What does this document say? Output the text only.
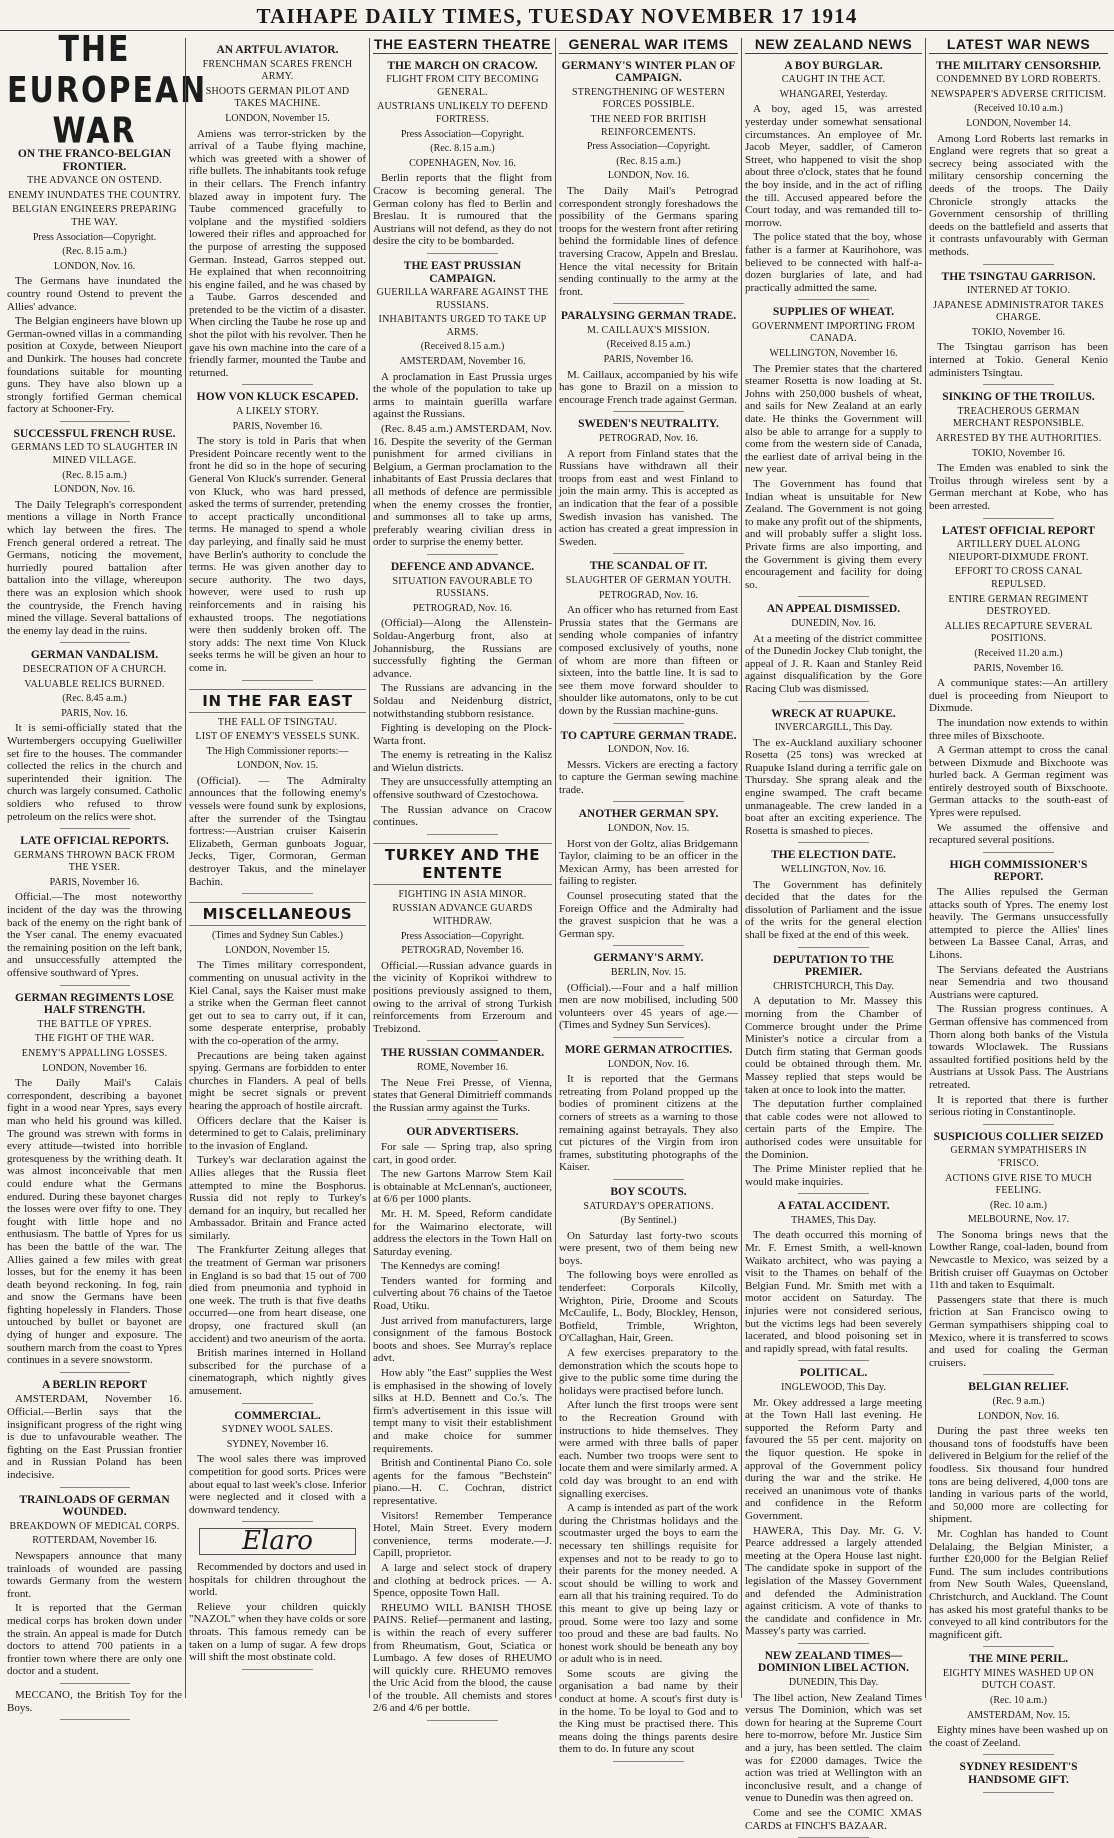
TAIHAPE DAILY TIMES, TUESDAY NOVEMBER 17 1914
THE EUROPEAN WAR
ON THE FRANCO-BELGIAN FRONTIER.
THE ADVANCE ON OSTEND.
ENEMY INUNDATES THE COUNTRY.
BELGIAN ENGINEERS PREPARING THE WAY.
Press Association—Copyright.
(Rec. 8.15 a.m.)
LONDON, Nov. 16.

The Germans have inundated the country round Ostend to prevent the Allies' advance.

The Belgian engineers have blown up German-owned villas in a commanding position at Coxyde, between Nieuport and Dunkirk. The houses had concrete foundations suitable for mounting guns. They have also blown up a strongly fortified German chemical factory at Schooner-Fry.

SUCCESSFUL FRENCH RUSE.
GERMANS LED TO SLAUGHTER IN MINED VILLAGE.
(Rec. 8.15 a.m.)
LONDON, Nov. 16.

The Daily Telegraph's correspondent mentions a village in North France which lay between the fires. The French general ordered a retreat. The Germans, noticing the movement, hurriedly poured battalion after battalion into the village, whereupon there was an explosion which shook the countryside, the French having mined the village. Several battalions of the enemy lay dead in the ruins.

GERMAN VANDALISM.
DESECRATION OF A CHURCH.
VALUABLE RELICS BURNED.
(Rec. 8.45 a.m.)
PARIS, Nov. 16.

It is semi-officially stated that the Wurtembergers occupying Gueliwiller set fire to the houses. The commander collected the relics in the church and superintended their ignition. The church was largely consumed. Catholic soldiers who refused to throw petroleum on the relics were shot.

LATE OFFICIAL REPORTS.
GERMANS THROWN BACK FROM THE YSER.
PARIS, November 16.

Official.—The most noteworthy incident of the day was the throwing back of the enemy on the right bank of the Yser canal. The enemy evacuated the remaining position on the left bank, and unsuccessfully attempted the offensive southward of Ypres.

GERMAN REGIMENTS LOSE HALF STRENGTH.
THE BATTLE OF YPRES.
THE FIGHT OF THE WAR.
ENEMY'S APPALLING LOSSES.
LONDON, November 16.

The Daily Mail's Calais correspondent, describing a bayonet fight in a wood near Ypres, says every man who held his ground was killed. The ground was strewn with forms in every attitude—twisted into horrible grotesqueness by the writhing death. It was almost inconceivable that men could endure what the Germans endured. During these bayonet charges the losses were over fifty to one. They fought with little hope and no enthusiasm. The battle of Ypres for us has been the battle of the war. The Allies gained a few miles with great losses, but for the enemy it has been death beyond reckoning. In fog, rain and snow the Germans have been fighting hopelessly in Flanders. Those untouched by bullet or bayonet are dying of hunger and exposure. The southern march from the coast to Ypres continues in a severe snowstorm.

A BERLIN REPORT

AMSTERDAM, November 16. Official.—Berlin says that the insignificant progress of the right wing is due to unfavourable weather. The fighting on the East Prussian frontier and in Russian Poland has been indecisive.

TRAINLOADS OF GERMAN WOUNDED.
BREAKDOWN OF MEDICAL CORPS.
ROTTERDAM, November 16.

Newspapers announce that many trainloads of wounded are passing towards Germany from the western front.

It is reported that the German medical corps has broken down under the strain. An appeal is made for Dutch doctors to attend 700 patients in a frontier town where there are only one doctor and a student.

MECCANO, the British Toy for the Boys.

AN ARTFUL AVIATOR.
FRENCHMAN SCARES FRENCH ARMY.
SHOOTS GERMAN PILOT AND TAKES MACHINE.
LONDON, November 15.

Amiens was terror-stricken by the arrival of a Taube flying machine, which was greeted with a shower of rifle bullets. The inhabitants took refuge in their cellars. The French infantry blazed away in impotent fury. The Taube commenced gracefully to volplane and the mystified soldiers lowered their rifles and approached for the purpose of arresting the supposed German. Instead, Garros stepped out. He explained that when reconnoitring his engine failed, and he was chased by a Taube. Garros descended and pretended to be the victim of a disaster. When circling the Taube he rose up and shot the pilot with his revolver. Then he gave his own machine into the care of a friendly farmer, mounted the Taube and returned.

HOW VON KLUCK ESCAPED.
A LIKELY STORY.
PARIS, November 16.

The story is told in Paris that when President Poincare recently went to the front he did so in the hope of securing General Von Kluck's surrender. General von Kluck, who was hard pressed, asked the terms of surrender, pretending to accept practically unconditional terms. He managed to spend a whole day parleying, and finally said he must have Berlin's authority to conclude the terms. He was given another day to secure authority. The two days, however, were used to rush up reinforcements and in raising his exhausted troops. The negotiations were then suddenly broken off. The story adds: The next time Von Kluck seeks terms he will be given an hour to come in.

IN THE FAR EAST
THE FALL OF TSINGTAU.
LIST OF ENEMY'S VESSELS SUNK.
The High Commissioner reports:—
LONDON, Nov. 15.

(Official). — The Admiralty announces that the following enemy's vessels were found sunk by explosions, after the surrender of the Tsingtau fortress:—Austrian cruiser Kaiserin Elizabeth, German gunboats Joguar, Jecks, Tiger, Cormoran, German destroyer Takus, and the minelayer Bachin.

MISCELLANEOUS
(Times and Sydney Sun Cables.)
LONDON, November 15.

The Times military correspondent, commenting on unusual activity in the Kiel Canal, says the Kaiser must make a strike when the German fleet cannot get out to sea to carry out, if it can, some desperate enterprise, probably with the co-operation of the army.

Precautions are being taken against spying. Germans are forbidden to enter churches in Flanders. A peal of bells might be secret signals or prevent hearing the approach of hostile aircraft.

Officers declare that the Kaiser is determined to get to Calais, preliminary to the invasion of England.

Turkey's war declaration against the Allies alleges that the Russia fleet attempted to mine the Bosphorus. Russia did not reply to Turkey's demand for an inquiry, but recalled her Ambassador. Britain and France acted similarly.

The Frankfurter Zeitung alleges that the treatment of German war prisoners in England is so bad that 15 out of 700 died from pneumonia and typhoid in one week. The truth is that five deaths occurred—one from heart disease, one dropsy, one fractured skull (an accident) and two aneurism of the aorta.

British marines interned in Holland subscribed for the purchase of a cinematograph, which nightly gives amusement.

COMMERCIAL.
SYDNEY WOOL SALES.
SYDNEY, November 16.

The wool sales there was improved competition for good sorts. Prices were about equal to last week's close. Inferior were neglected and it closed with a downward tendency.

Elaro

Recommended by doctors and used in hospitals for children throughout the world.

Relieve your children quickly "NAZOL" when they have colds or sore throats. This famous remedy can be taken on a lump of sugar. A few drops will shift the most obstinate cold.

THE EASTERN THEATRE
THE MARCH ON CRACOW.
FLIGHT FROM CITY BECOMING GENERAL.
AUSTRIANS UNLIKELY TO DEFEND FORTRESS.
Press Association—Copyright.
(Rec. 8.15 a.m.)
COPENHAGEN, Nov. 16.

Berlin reports that the flight from Cracow is becoming general. The German colony has fled to Berlin and Breslau. It is rumoured that the Austrians will not defend, as they do not desire the city to be bombarded.

THE EAST PRUSSIAN CAMPAIGN.
GUERILLA WARFARE AGAINST THE RUSSIANS.
INHABITANTS URGED TO TAKE UP ARMS.
(Received 8.15 a.m.)
AMSTERDAM, November 16.

A proclamation in East Prussia urges the whole of the population to take up arms to maintain guerilla warfare against the Russians.

(Rec. 8.45 a.m.) AMSTERDAM, Nov. 16. Despite the severity of the German punishment for armed civilians in Belgium, a German proclamation to the inhabitants of East Prussia declares that all methods of defence are permissible when the enemy crosses the frontier, and summonses all to take up arms, preferably wearing civilian dress in order to surprise the enemy better.

DEFENCE AND ADVANCE.
SITUATION FAVOURABLE TO RUSSIANS.
PETROGRAD, Nov. 16.

(Official)—Along the Allenstein-Soldau-Angerburg front, also at Johannisburg, the Russians are successfully fighting the German advance.

The Russians are advancing in the Soldau and Neidenburg district, notwithstanding stubborn resistance.

Fighting is developing on the Plock-Warta front.

The enemy is retreating in the Kalisz and Wielun districts.

They are unsuccessfully attempting an offensive southward of Czestochowa.

The Russian advance on Cracow continues.

TURKEY AND THE ENTENTE
FIGHTING IN ASIA MINOR.
RUSSIAN ADVANCE GUARDS WITHDRAW.
Press Association—Copyright.
PETROGRAD, November 16.

Official.—Russian advance guards in the vicinity of Koprikoi withdrew to positions previously assigned to them, owing to the arrival of strong Turkish reinforcements from Erzeroum and Trebizond.

THE RUSSIAN COMMANDER.
ROME, November 16.

The Neue Frei Presse, of Vienna, states that General Dimitrieff commands the Russian army against the Turks.

OUR ADVERTISERS.

For sale — Spring trap, also spring cart, in good order.

The new Gartons Marrow Stem Kail is obtainable at McLennan's, auctioneer, at 6/6 per 1000 plants.

Mr. H. M. Speed, Reform candidate for the Waimarino electorate, will address the electors in the Town Hall on Saturday evening.

The Kennedys are coming!

Tenders wanted for forming and culverting about 76 chains of the Taetoe Road, Utiku.

Just arrived from manufacturers, large consignment of the famous Bostock boots and shoes. See Murray's replace advt.

How ably "the East" supplies the West is emphasised in the showing of lovely silks at H.D. Bennett and Co.'s. The firm's advertisement in this issue will tempt many to visit their establishment and make choice for summer requirements.

British and Continental Piano Co. sole agents for the famous "Bechstein" piano.—H. C. Cochran, district representative.

Visitors! Remember Temperance Hotel, Main Street. Every modern convenience, terms moderate.—J. Capill, proprietor.

A large and select stock of drapery and clothing at bedrock prices. — A. Spence, opposite Town Hall.

RHEUMO WILL BANISH THOSE PAINS. Relief—permanent and lasting, is within the reach of every sufferer from Rheumatism, Gout, Sciatica or Lumbago. A few doses of RHEUMO will quickly cure. RHEUMO removes the Uric Acid from the blood, the cause of the trouble. All chemists and stores 2/6 and 4/6 per bottle.

GENERAL WAR ITEMS
GERMANY'S WINTER PLAN OF CAMPAIGN.
STRENGTHENING OF WESTERN FORCES POSSIBLE.
THE NEED FOR BRITISH REINFORCEMENTS.
Press Association—Copyright.
(Rec. 8.15 a.m.)
LONDON, Nov. 16.

The Daily Mail's Petrograd correspondent strongly foreshadows the possibility of the Germans sparing troops for the western front after retiring behind the formidable lines of defence traversing Cracow, Appeln and Breslau. Hence the vital necessity for Britain sending continually to the army at the front.

PARALYSING GERMAN TRADE.
M. CAILLAUX'S MISSION.
(Received 8.15 a.m.)
PARIS, November 16.

M. Caillaux, accompanied by his wife has gone to Brazil on a mission to encourage French trade against German.

SWEDEN'S NEUTRALITY.
PETROGRAD, Nov. 16.

A report from Finland states that the Russians have withdrawn all their troops from east and west Finland to join the main army. This is accepted as an indication that the fear of a possible Swedish invasion has vanished. The action has created a great impression in Sweden.

THE SCANDAL OF IT.
SLAUGHTER OF GERMAN YOUTH.
PETROGRAD, Nov. 16.

An officer who has returned from East Prussia states that the Germans are sending whole companies of infantry composed exclusively of youths, none of whom are more than fifteen or sixteen, into the battle line. It is sad to see them move forward shoulder to shoulder like automatons, only to be cut down by the Russian machine-guns.

TO CAPTURE GERMAN TRADE.
LONDON, Nov. 16.

Messrs. Vickers are erecting a factory to capture the German sewing machine trade.

ANOTHER GERMAN SPY.
LONDON, Nov. 15.

Horst von der Goltz, alias Bridgemann Taylor, claiming to be an officer in the Mexican Army, has been arrested for failing to register.

Counsel prosecuting stated that the Foreign Office and the Admiralty had the gravest suspicion that he was a German spy.

GERMANY'S ARMY.
BERLIN, Nov. 15.

(Official).—Four and a half million men are now mobilised, including 500 volunteers over 45 years of age.—(Times and Sydney Sun Services).

MORE GERMAN ATROCITIES.
LONDON, Nov. 16.

It is reported that the Germans retreating from Poland propped up the bodies of prominent citizens at the corners of streets as a warning to those remaining against betrayals. They also cut pictures of the Virgin from iron frames, substituting photographs of the Kaiser.

BOY SCOUTS.
SATURDAY'S OPERATIONS.
(By Sentinel.)

On Saturday last forty-two scouts were present, two of them being new boys.

The following boys were enrolled as tenderfeet: Corporals Kilcolly, Wrighton, Pirie, Droome and Scouts McCaulife, L. Body, Blockley, Henson, Botfield, Trimble, Wrighton, O'Callaghan, Hair, Green.

A few exercises preparatory to the demonstration which the scouts hope to give to the public some time during the holidays were practised before lunch.

After lunch the first troops were sent to the Recreation Ground with instructions to hide themselves. They were armed with three balls of paper each. Number two troops were sent to locate them and were similarly armed. A cold day was brought to an end with signalling exercises.

A camp is intended as part of the work during the Christmas holidays and the scoutmaster urged the boys to earn the necessary ten shillings requisite for expenses and not to be ready to go to their parents for the money needed. A scout should be willing to work and earn all that his training required. To do this meant to give up being lazy or proud. Some were too lazy and some too proud and these are bad faults. No honest work should be beneath any boy or adult who is in need.

Some scouts are giving the organisation a bad name by their conduct at home. A scout's first duty is in the home. To be loyal to God and to the King must be practised there. This means doing the things parents desire them to do. In future any scout

NEW ZEALAND NEWS
A BOY BURGLAR.
CAUGHT IN THE ACT.
WHANGAREI, Yesterday.

A boy, aged 15, was arrested yesterday under somewhat sensational circumstances. An employee of Mr. Jacob Meyer, saddler, of Cameron Street, who happened to visit the shop about three o'clock, states that he found the boy inside, and in the act of rifling the till. Accused appeared before the Court today, and was remanded till to-morrow.

The police stated that the boy, whose father is a farmer at Kaurihohore, was believed to be connected with half-a-dozen burglaries of late, and had practically admitted the same.

SUPPLIES OF WHEAT.
GOVERNMENT IMPORTING FROM CANADA.
WELLINGTON, November 16.

The Premier states that the chartered steamer Rosetta is now loading at St. Johns with 250,000 bushels of wheat, and sails for New Zealand at an early date. He thinks the Government will also be able to arrange for a supply to come from the western side of Canada, the earliest date of arrival being in the new year.

The Government has found that Indian wheat is unsuitable for New Zealand. The Government is not going to make any profit out of the shipments, and will probably suffer a slight loss. Private firms are also importing, and the Government is giving them every encouragement and facility for doing so.

AN APPEAL DISMISSED.
DUNEDIN, Nov. 16.

At a meeting of the district committee of the Dunedin Jockey Club tonight, the appeal of J. R. Kaan and Stanley Reid against disqualification by the Gore Racing Club was dismissed.

WRECK AT RUAPUKE.
INVERCARGILL, This Day.

The ex-Auckland auxiliary schooner Rosetta (25 tons) was wrecked at Ruapuke Island during a terrific gale on Thursday. She sprang aleak and the engine swamped. The craft became unmanageable. The crew landed in a boat after an exciting experience. The Rosetta is smashed to pieces.

THE ELECTION DATE.
WELLINGTON, Nov. 16.

The Government has definitely decided that the dates for the dissolution of Parliament and the issue of the writs for the general election shall be fixed at the end of this week.

DEPUTATION TO THE PREMIER.
CHRISTCHURCH, This Day.

A deputation to Mr. Massey this morning from the Chamber of Commerce brought under the Prime Minister's notice a circular from a Dutch firm stating that German goods could be obtained through them. Mr. Massey replied that steps would be taken at once to look into the matter.

The deputation further complained that cable codes were not allowed to certain parts of the Empire. The authorised codes were unsuitable for the Dominion.

The Prime Minister replied that he would make inquiries.

A FATAL ACCIDENT.
THAMES, This Day.

The death occurred this morning of Mr. F. Ernest Smith, a well-known Waikato architect, who was paying a visit to the Thames on behalf of the Belgian Fund. Mr. Smith met with a motor accident on Saturday. The injuries were not considered serious, but the victims legs had been severely lacerated, and blood poisoning set in and rapidly spread, with fatal results.

POLITICAL.
INGLEWOOD, This Day.

Mr. Okey addressed a large meeting at the Town Hall last evening. He supported the Reform Party and favoured the 55 per cent. majority on the liquor question. He spoke in approval of the Government policy during the war and the strike. He received an unanimous vote of thanks and confidence in the Reform Government.

HAWERA, This Day. Mr. G. V. Pearce addressed a largely attended meeting at the Opera House last night. The candidate spoke in support of the legislation of the Massey Government and defended the Administration against criticism. A vote of thanks to the candidate and confidence in Mr. Massey's party was carried.

NEW ZEALAND TIMES—DOMINION LIBEL ACTION.
DUNEDIN, This Day.

The libel action, New Zealand Times versus The Dominion, which was set down for hearing at the Supreme Court here to-morrow, before Mr. Justice Sim and a jury, has been settled. The claim was for £2000 damages. Twice the action was tried at Wellington with an inconclusive result, and a change of venue to Dunedin was then agreed on.

Come and see the COMIC XMAS CARDS at FINCH'S BAZAAR.

LATEST WAR NEWS
THE MILITARY CENSORSHIP.
CONDEMNED BY LORD ROBERTS.
NEWSPAPER'S ADVERSE CRITICISM.
(Received 10.10 a.m.)
LONDON, November 14.

Among Lord Roberts last remarks in England were regrets that so great a secrecy being associated with the military censorship concerning the deeds of the troops. The Daily Chronicle strongly attacks the Government censorship of thrilling deeds on the battlefield and asserts that it contrasts unfavourably with German methods.

THE TSINGTAU GARRISON.
INTERNED AT TOKIO.
JAPANESE ADMINISTRATOR TAKES CHARGE.
TOKIO, November 16.

The Tsingtau garrison has been interned at Tokio. General Kenio administers Tsingtau.

SINKING OF THE TROILUS.
TREACHEROUS GERMAN MERCHANT RESPONSIBLE.
ARRESTED BY THE AUTHORITIES.
TOKIO, November 16.

The Emden was enabled to sink the Troilus through wireless sent by a German merchant at Kobe, who has been arrested.

LATEST OFFICIAL REPORT
ARTILLERY DUEL ALONG NIEUPORT-DIXMUDE FRONT.
EFFORT TO CROSS CANAL REPULSED.
ENTIRE GERMAN REGIMENT DESTROYED.
ALLIES RECAPTURE SEVERAL POSITIONS.
(Received 11.20 a.m.)
PARIS, November 16.

A communique states:—An artillery duel is proceeding from Nieuport to Dixmude.

The inundation now extends to within three miles of Bixschoote.

A German attempt to cross the canal between Dixmude and Bixchoote was hurled back. A German regiment was entirely destroyed south of Bixschoote. German attacks to the south-east of Ypres were repulsed.

We assumed the offensive and recaptured several positions.

HIGH COMMISSIONER'S REPORT.

The Allies repulsed the German attacks south of Ypres. The enemy lost heavily. The Germans unsuccessfully attempted to pierce the Allies' lines between La Bassee Canal, Arras, and Lihons.

The Servians defeated the Austrians near Semendria and two thousand Austrians were captured.

The Russian progress continues. A German offensive has commenced from Thorn along both banks of the Vistula towards Wloclawek. The Russians assaulted fortified positions held by the Austrians at Ussok Pass. The Austrians retreated.

It is reported that there is further serious rioting in Constantinople.

SUSPICIOUS COLLIER SEIZED
GERMAN SYMPATHISERS IN 'FRISCO.
ACTIONS GIVE RISE TO MUCH FEELING.
(Rec. 10 a.m.)
MELBOURNE, Nov. 17.

The Sonoma brings news that the Lowther Range, coal-laden, bound from Newcastle to Mexico, was seized by a British cruiser off Guaymas on October 11th and taken to Esquimalt.

Passengers state that there is much friction at San Francisco owing to German sympathisers shipping coal to Mexico, where it is transferred to scows and used for coaling the German cruisers.

BELGIAN RELIEF.
(Rec. 9 a.m.)
LONDON, Nov. 16.

During the past three weeks ten thousand tons of foodstuffs have been delivered in Belgium for the relief of the foodless. Six thousand four hundred tons are being delivered, 4,000 tons are landing in various parts of the world, and 50,000 more are collecting for shipment.

Mr. Coghlan has handed to Count Delalaing, the Belgian Minister, a further £20,000 for the Belgian Relief Fund. The sum includes contributions from New South Wales, Queensland, Christchurch, and Auckland. The Count has asked his most grateful thanks to be conveyed to all kind contributors for the magnificent gift.

THE MINE PERIL.
EIGHTY MINES WASHED UP ON DUTCH COAST.
(Rec. 10 a.m.)
AMSTERDAM, Nov. 15.

Eighty mines have been washed up on the coast of Zeeland.

SYDNEY RESIDENT'S HANDSOME GIFT.
